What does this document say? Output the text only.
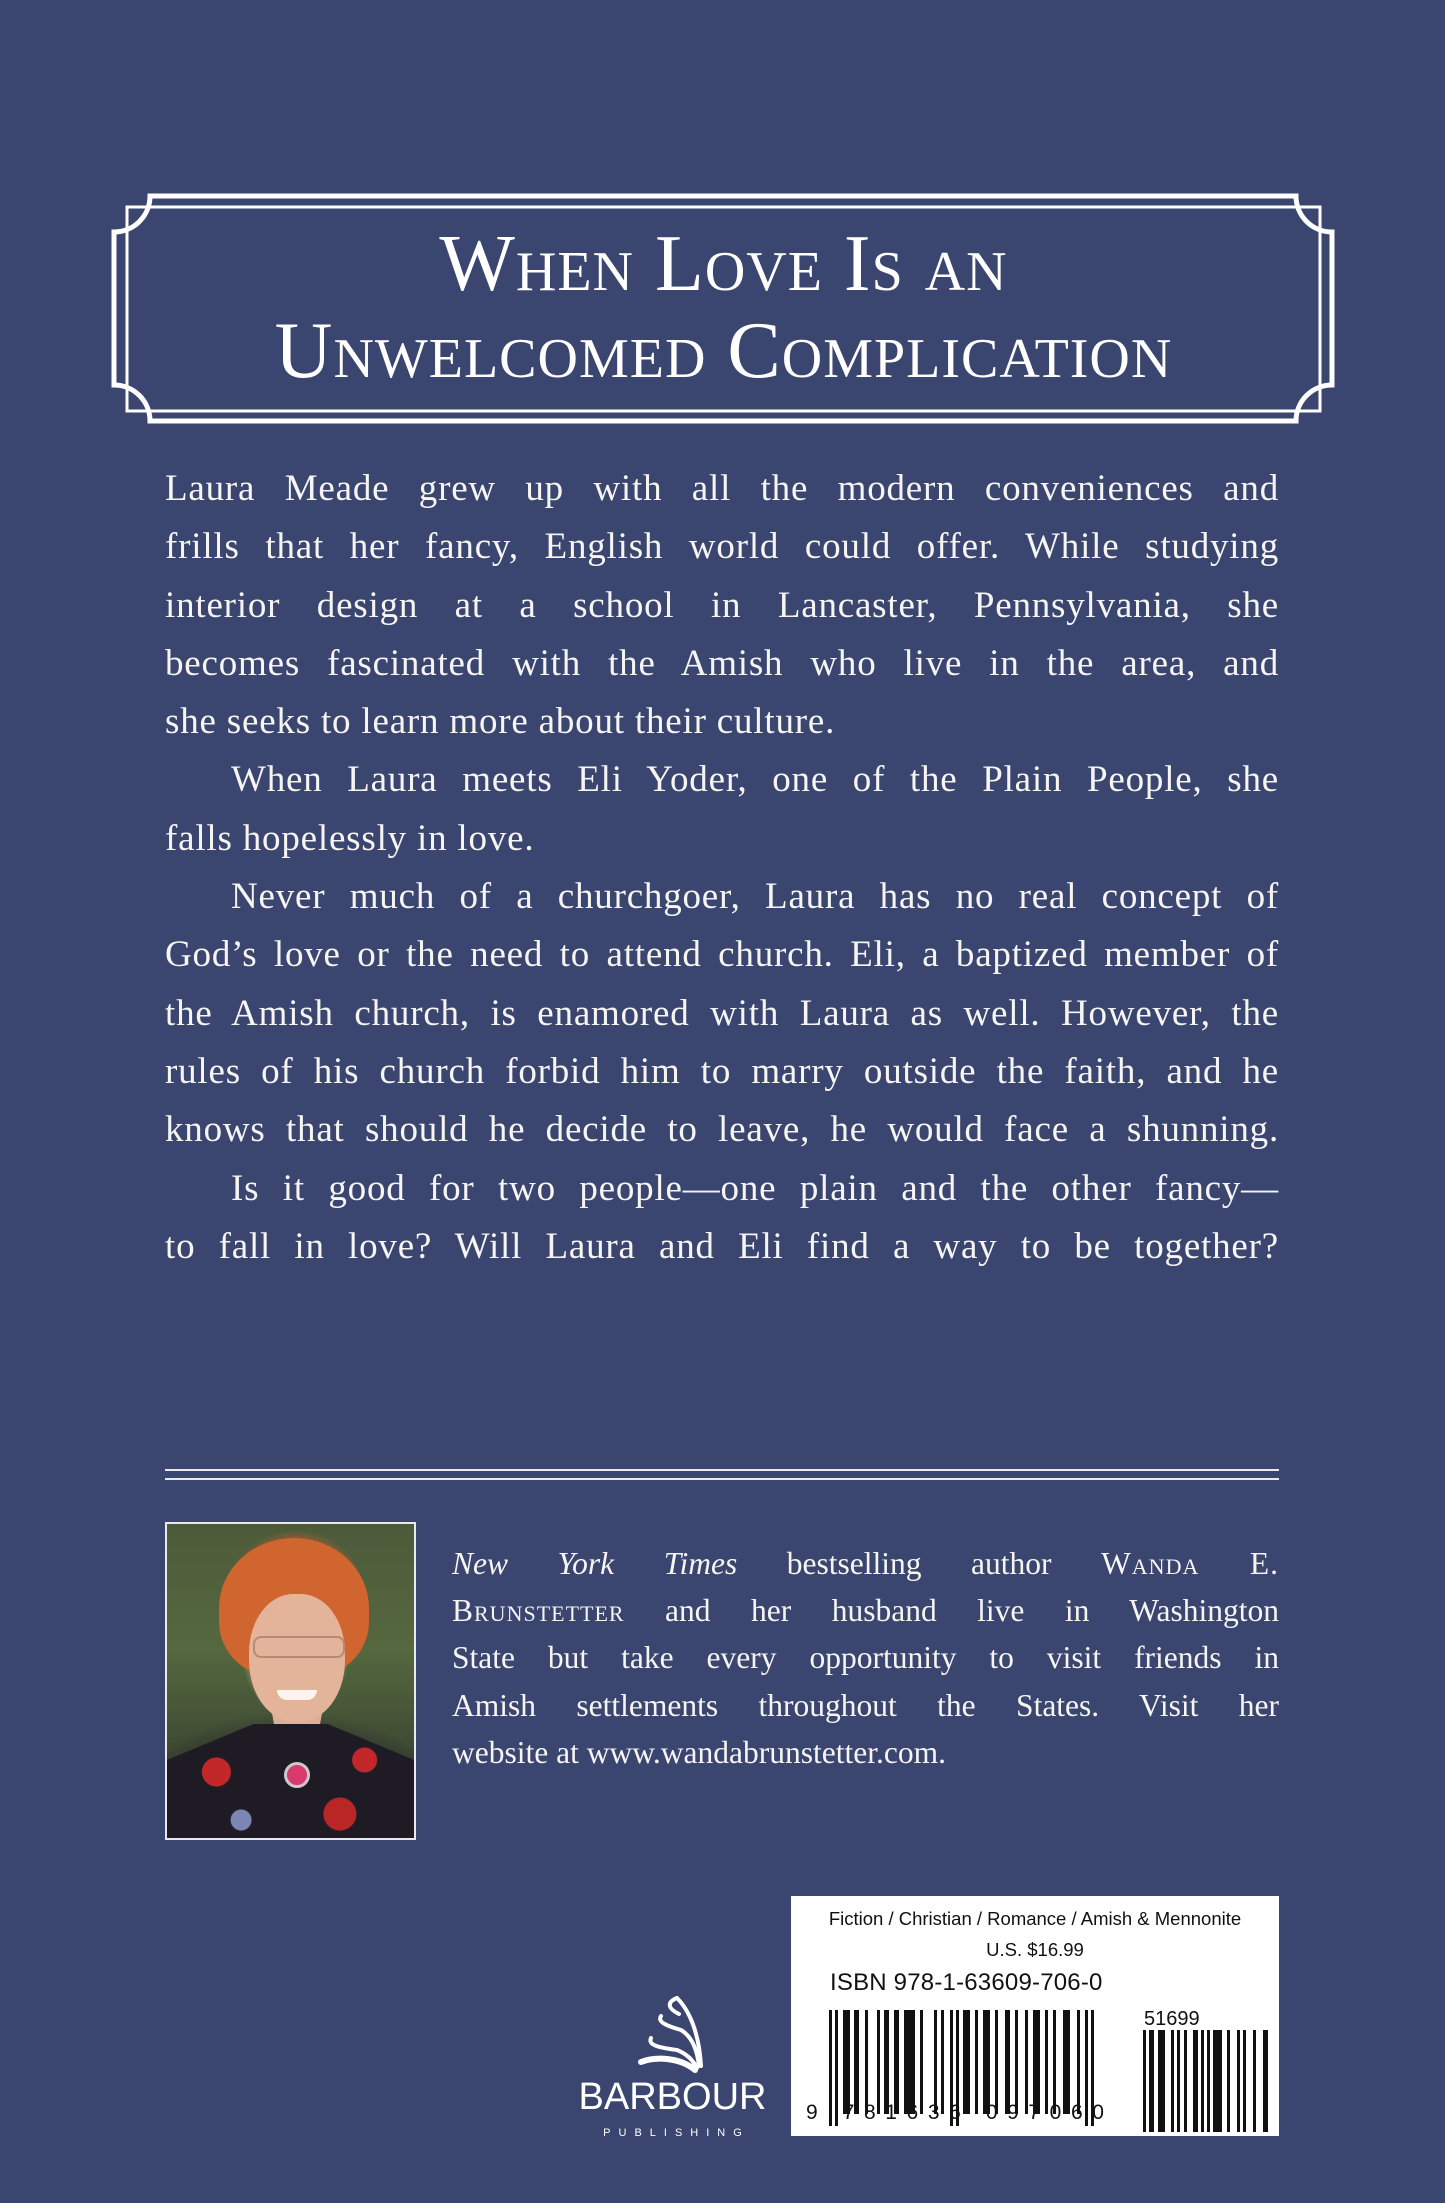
When Love Is an
Unwelcomed Complication
Laura Meade grew up with all the modern conveniences and
frills that her fancy, English world could offer. While studying
interior design at a school in Lancaster, Pennsylvania, she
becomes fascinated with the Amish who live in the area, and
she seeks to learn more about their culture.
When Laura meets Eli Yoder, one of the Plain People, she
falls hopelessly in love.
Never much of a churchgoer, Laura has no real concept of
God’s love or the need to attend church. Eli, a baptized member of
the Amish church, is enamored with Laura as well. However, the
rules of his church forbid him to marry outside the faith, and he
knows that should he decide to leave, he would face a shunning.
Is it good for two people—one plain and the other fancy—
to fall in love? Will Laura and Eli find a way to be together?
New York Times bestselling author Wanda E.
Brunstetter and her husband live in Washington
State but take every opportunity to visit friends in
Amish settlements throughout the States. Visit her
website at www.wandabrunstetter.com.
BARBOUR
PUBLISHING
Fiction / Christian / Romance / Amish & Mennonite
U.S. $16.99
ISBN 978-1-63609-706-0
9 781636 097060
51699
